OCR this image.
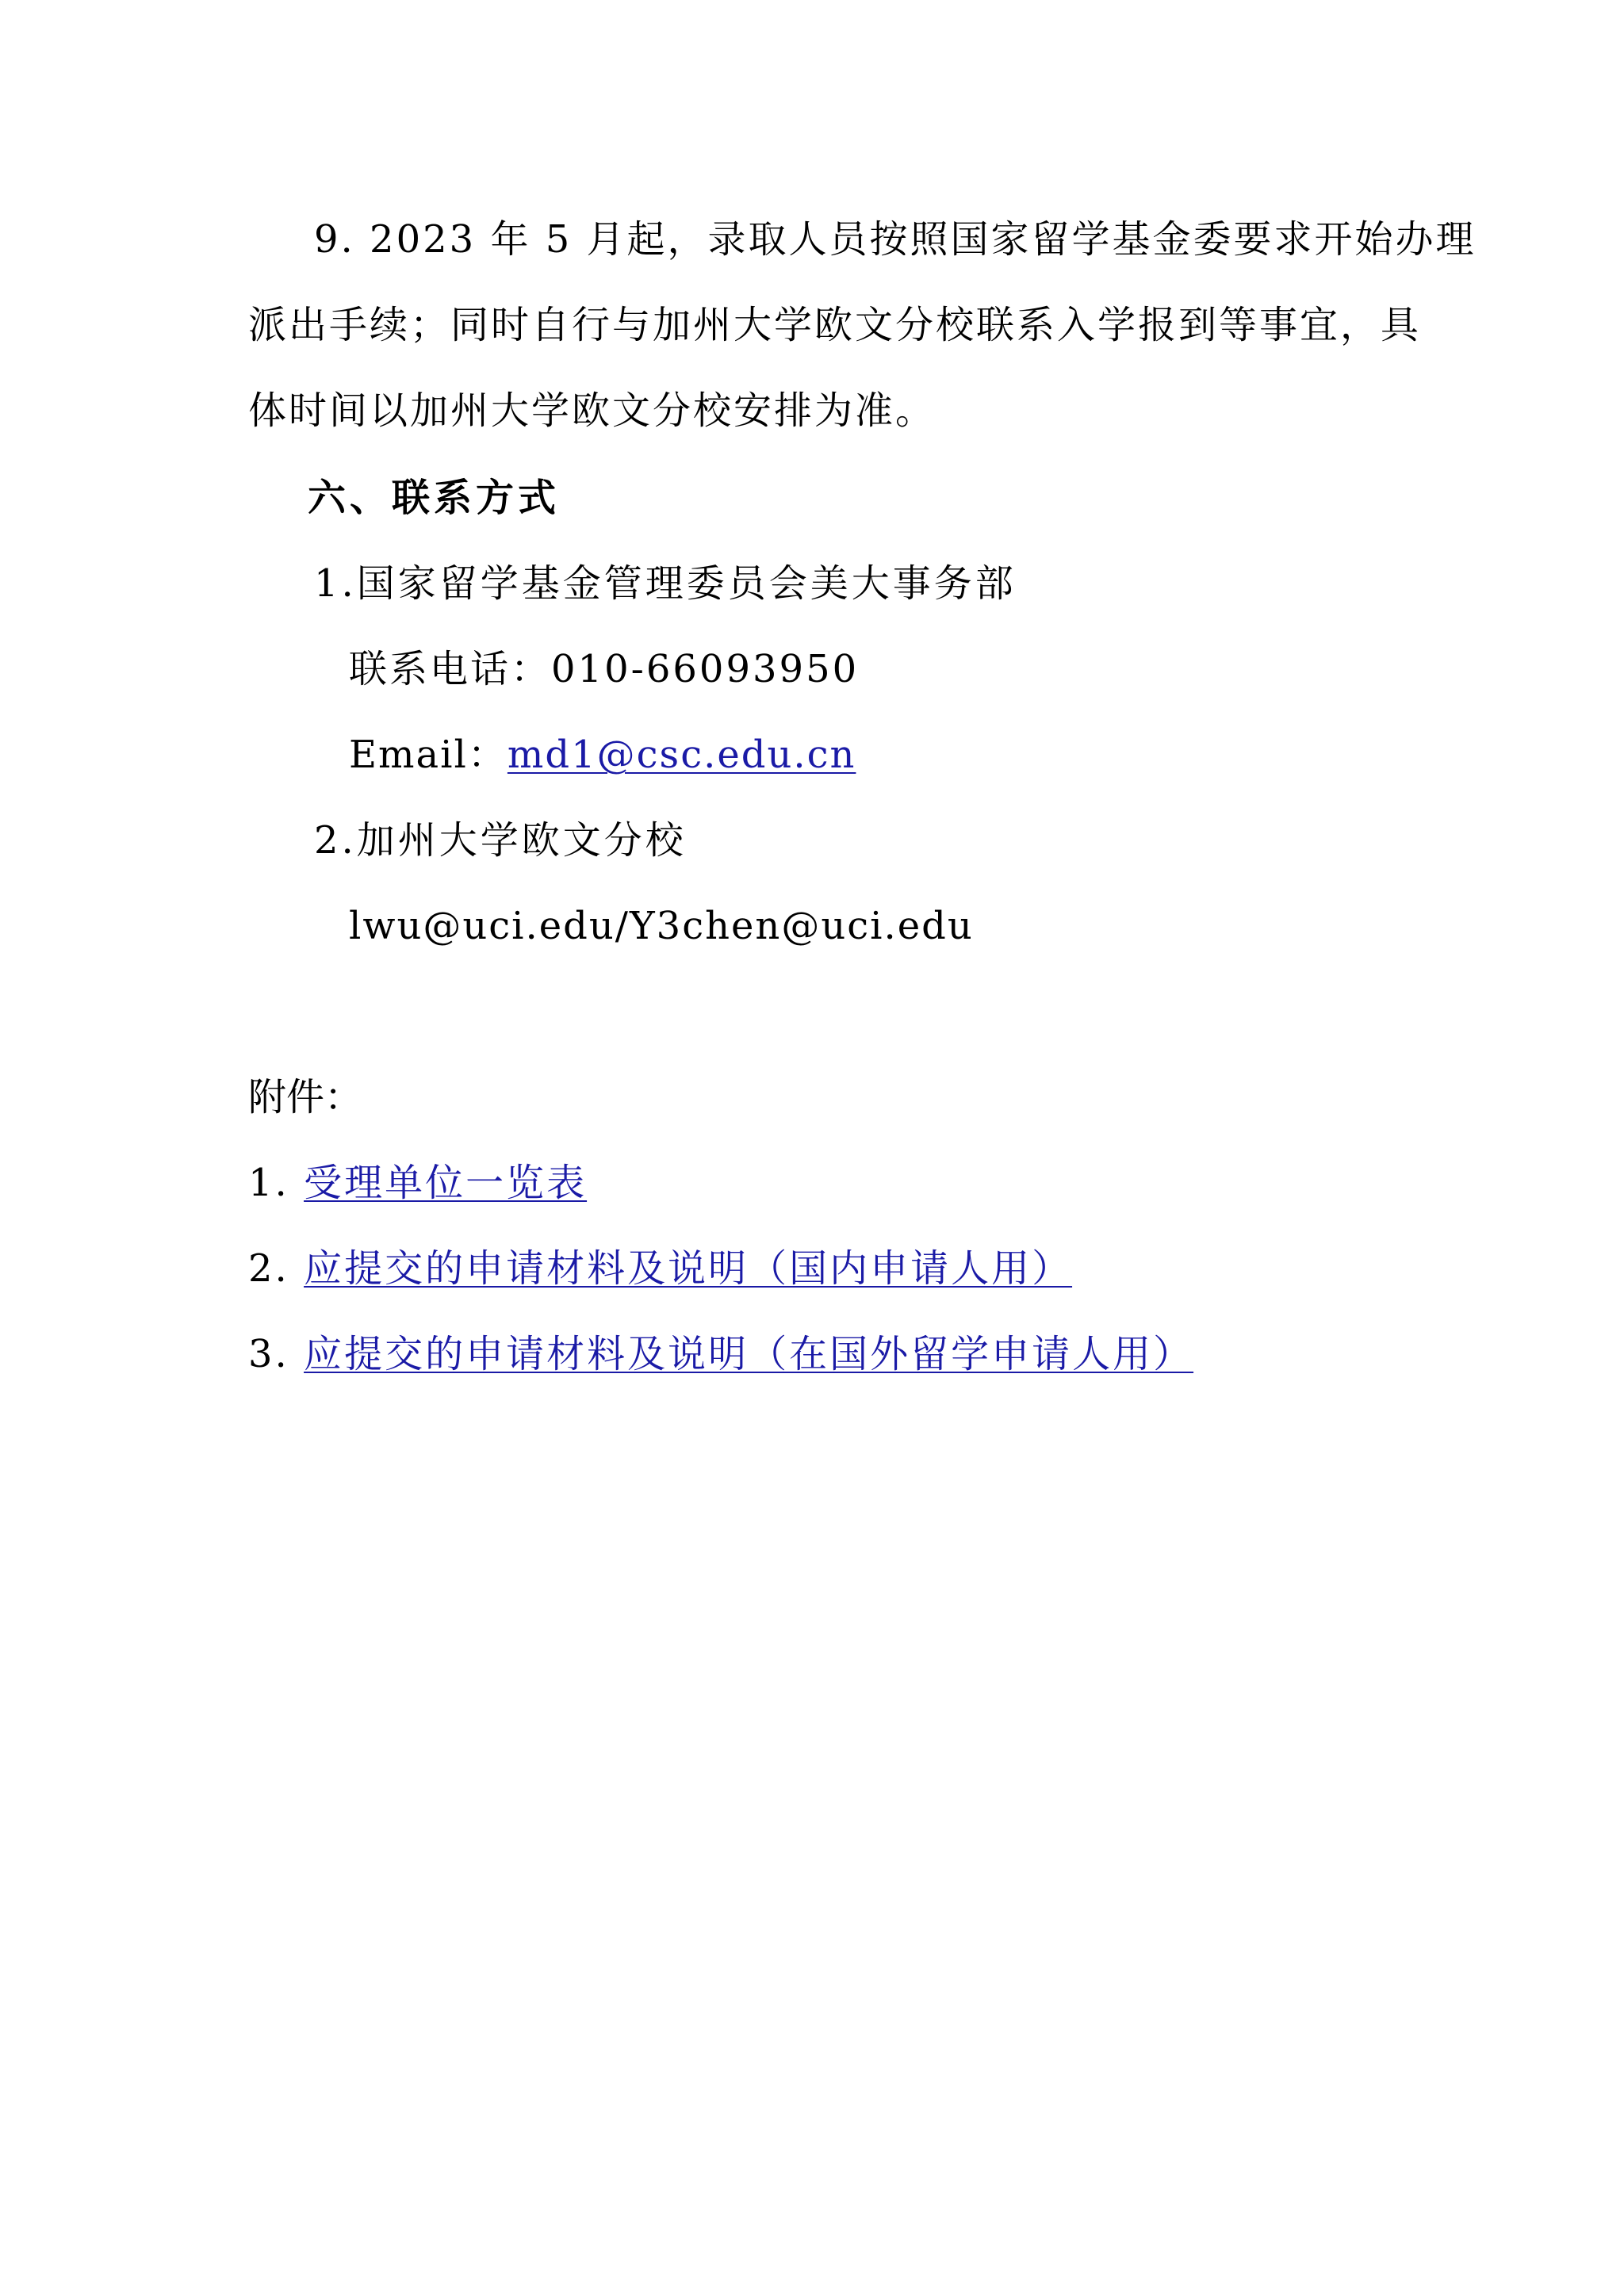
9. 2023 年 5 月起，录取人员按照国家留学基金委要求开始办理
派出手续；同时自行与加州大学欧文分校联系入学报到等事宜，具
体时间以加州大学欧文分校安排为准。
六、联系方式
1.国家留学基金管理委员会美大事务部
联系电话：010-66093950
Email：md1@csc.edu.cn
2.加州大学欧文分校
lwu@uci.edu/Y3chen@uci.edu
附件：
1. 受理单位一览表
2. 应提交的申请材料及说明（国内申请人用）
3. 应提交的申请材料及说明（在国外留学申请人用）
